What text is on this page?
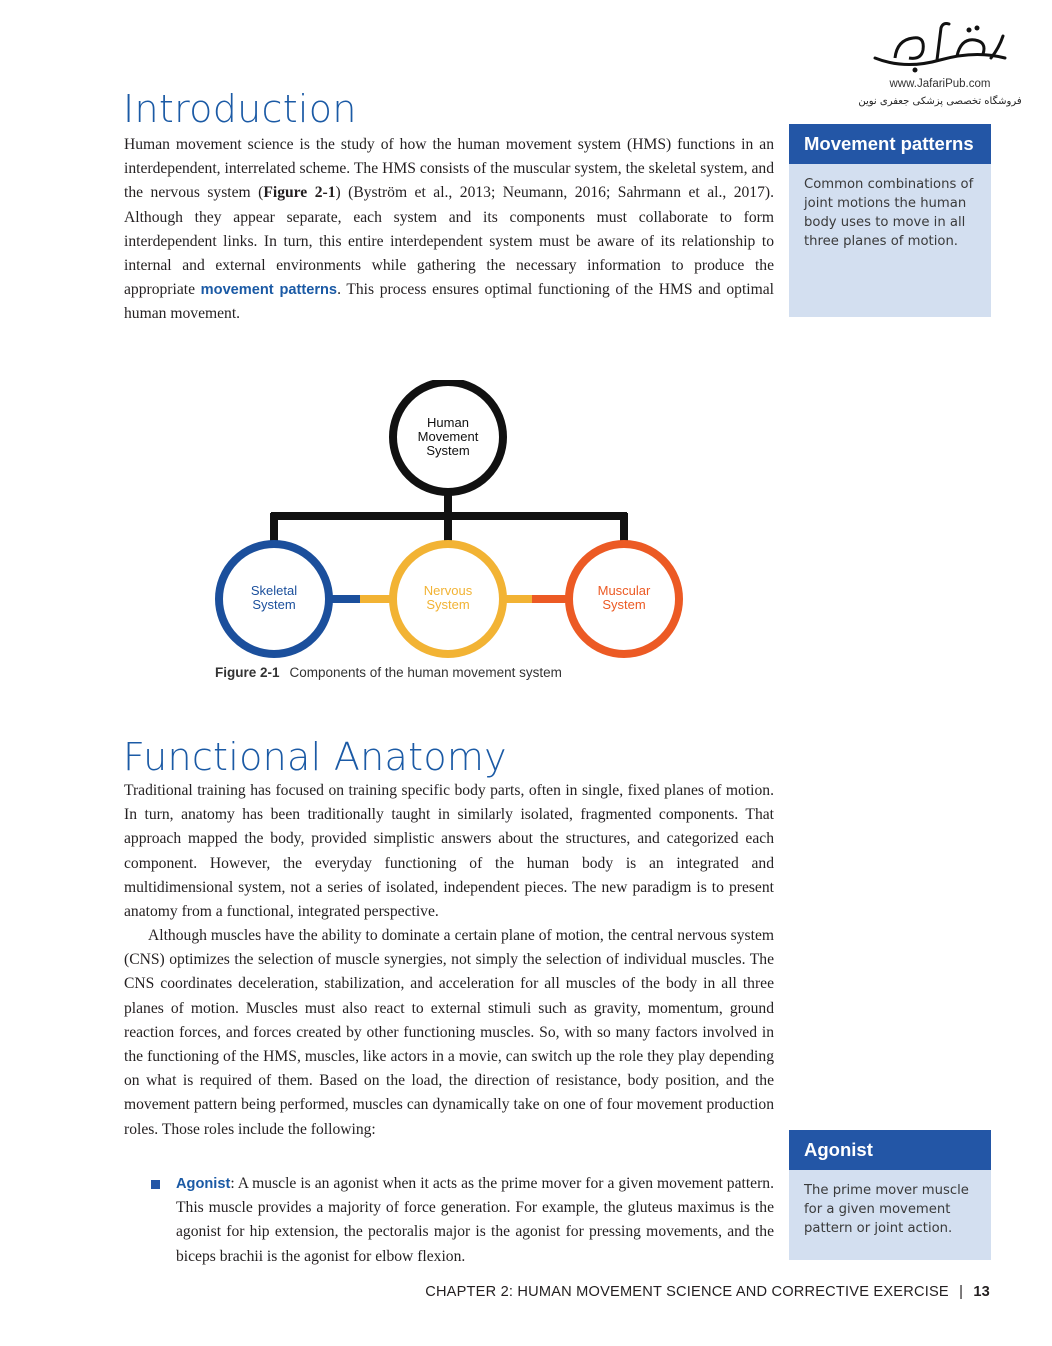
www.JafariPub.com
فروشگاه تخصصی پزشکی جعفری نوین
Introduction

Human movement science is the study of how the human movement system (HMS) functions in an interdependent, interrelated scheme. The HMS consists of the muscular system, the skeletal system, and the nervous system (Figure 2-1) (Byström et al., 2013; Neumann, 2016; Sahrmann et al., 2017). Although they appear separate, each system and its components must collaborate to form interdependent links. In turn, this entire interdependent system must be aware of its relationship to internal and external environments while gathering the necessary information to produce the appropriate movement patterns. This process ensures optimal functioning of the HMS and optimal human movement.

Movement patterns
Common combinations of joint motions the human body uses to move in all three planes of motion.
Human
Movement
System
Skeletal
System
Nervous
System
Muscular
System
Figure 2-1 Components of the human movement system
Functional Anatomy

Traditional training has focused on training specific body parts, often in single, fixed planes of motion. In turn, anatomy has been traditionally taught in similarly isolated, fragmented components. That approach mapped the body, provided simplistic answers about the structures, and categorized each component. However, the everyday functioning of the human body is an integrated and multidimensional system, not a series of isolated, independent pieces. The new paradigm is to present anatomy from a functional, integrated perspective.

Although muscles have the ability to dominate a certain plane of motion, the central nervous system (CNS) optimizes the selection of muscle synergies, not simply the selection of individual muscles. The CNS coordinates deceleration, stabilization, and acceleration for all muscles of the body in all three planes of motion. Muscles must also react to external stimuli such as gravity, momentum, ground reaction forces, and forces created by other functioning muscles. So, with so many factors involved in the functioning of the HMS, muscles, like actors in a movie, can switch up the role they play depending on what is required of them. Based on the load, the direction of resistance, body position, and the movement pattern being performed, muscles can dynamically take on one of four movement production roles. Those roles include the following:

Agonist: A muscle is an agonist when it acts as the prime mover for a given movement pattern. This muscle provides a majority of force generation. For example, the gluteus maximus is the agonist for hip extension, the pectoralis major is the agonist for pressing movements, and the biceps brachii is the agonist for elbow flexion.

Agonist
The prime mover muscle for a given movement pattern or joint action.
CHAPTER 2: HUMAN MOVEMENT SCIENCE AND CORRECTIVE EXERCISE | 13
